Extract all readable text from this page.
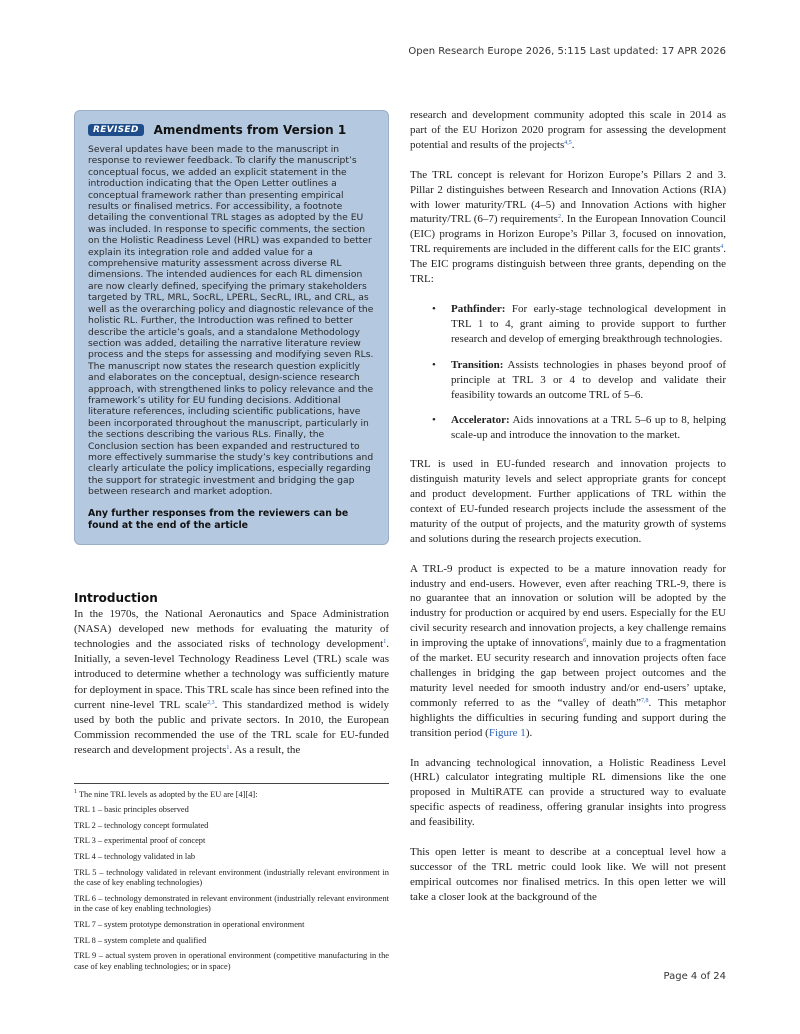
Open Research Europe 2026, 5:115 Last updated: 17 APR 2026
REVISED	Amendments from Version 1

Several updates have been made to the manuscript in response to reviewer feedback. To clarify the manuscript’s conceptual focus, we added an explicit statement in the introduction indicating that the Open Letter outlines a conceptual framework rather than presenting empirical results or finalised metrics. For accessibility, a footnote detailing the conventional TRL stages as adopted by the EU was included. In response to specific comments, the section on the Holistic Readiness Level (HRL) was expanded to better explain its integration role and added value for a comprehensive maturity assessment across diverse RL dimensions. The intended audiences for each RL dimension are now clearly defined, specifying the primary stakeholders targeted by TRL, MRL, SocRL, LPERL, SecRL, IRL, and CRL, as well as the overarching policy and diagnostic relevance of the holistic RL. Further, the Introduction was refined to better describe the article’s goals, and a standalone Methodology section was added, detailing the narrative literature review process and the steps for assessing and modifying seven RLs. The manuscript now states the research question explicitly and elaborates on the conceptual, design-science research approach, with strengthened links to policy relevance and the framework’s utility for EU funding decisions. Additional literature references, including scientific publications, have been incorporated throughout the manuscript, particularly in the sections describing the various RLs. Finally, the Conclusion section has been expanded and restructured to more effectively summarise the study’s key contributions and clearly articulate the policy implications, especially regarding the support for strategic investment and bridging the gap between research and market adoption.

Any further responses from the reviewers can be found at the end of the article

Introduction

In the 1970s, the National Aeronautics and Space Administration (NASA) developed new methods for evaluating the maturity of technologies and the associated risks of technology development$^1$. Initially, a seven-level Technology Readiness Level (TRL) scale was introduced to determine whether a technology was sufficiently mature for deployment in space. This TRL scale has since been refined into the current nine-level TRL scale$^{2,3}$. This standardized method is widely used by both the public and private sectors. In 2010, the European Commission recommended the use of the TRL scale for EU-funded research and development projects$^1$. As a result, the

$^1$ The nine TRL levels as adopted by the EU are [4][4]:

TRL 1 – basic principles observed

TRL 2 – technology concept formulated

TRL 3 – experimental proof of concept

TRL 4 – technology validated in lab

TRL 5 – technology validated in relevant environment (industrially relevant environment in the case of key enabling technologies)

TRL 6 – technology demonstrated in relevant environment (industrially relevant environment in the case of key enabling technologies)

TRL 7 – system prototype demonstration in operational environment

TRL 8 – system complete and qualified

TRL 9 – actual system proven in operational environment (competitive manufacturing in the case of key enabling technologies; or in space)

research and development community adopted this scale in 2014 as part of the EU Horizon 2020 program for assessing the development potential and results of the projects$^{4,5}$.

The TRL concept is relevant for Horizon Europe’s Pillars 2 and 3. Pillar 2 distinguishes between Research and Innovation Actions (RIA) with lower maturity/TRL (4–5) and Innovation Actions with higher maturity/TRL (6–7) requirements$^2$. In the European Innovation Council (EIC) programs in Horizon Europe’s Pillar 3, focused on innovation, TRL requirements are included in the different calls for the EIC grants$^4$. The EIC programs distinguish between three grants, depending on the TRL:

• Pathfinder: For early-stage technological development in TRL 1 to 4, grant aiming to provide support to further research and develop of emerging breakthrough technologies.
• Transition: Assists technologies in phases beyond proof of principle at TRL 3 or 4 to develop and validate their feasibility towards an outcome TRL of 5–6.
• Accelerator: Aids innovations at a TRL 5–6 up to 8, helping scale-up and introduce the innovation to the market.

TRL is used in EU-funded research and innovation projects to distinguish maturity levels and select appropriate grants for concept and product development. Further applications of TRL within the context of EU-funded research projects include the assessment of the maturity of the output of projects, and the maturity growth of systems and solutions during the research projects execution.

A TRL-9 product is expected to be a mature innovation ready for industry and end-users. However, even after reaching TRL-9, there is no guarantee that an innovation or solution will be adopted by the industry for production or acquired by end users. Especially for the EU civil security research and innovation projects, a key challenge remains in improving the uptake of innovations$^6$, mainly due to a fragmentation of the market. EU security research and innovation projects often face challenges in bridging the gap between project outcomes and the maturity level needed for smooth industry and/or end-users’ uptake, commonly referred to as the “valley of death”$^{7,8}$. This metaphor highlights the difficulties in securing funding and support during the transition period (Figure 1).

In advancing technological innovation, a Holistic Readiness Level (HRL) calculator integrating multiple RL dimensions like the one proposed in MultiRATE can provide a structured way to evaluate specific aspects of readiness, offering granular insights into progress and feasibility.

This open letter is meant to describe at a conceptual level how a successor of the TRL metric could look like. We will not present empirical outcomes nor finalised metrics. In this open letter we will take a closer look at the background of the

Page 4 of 24
